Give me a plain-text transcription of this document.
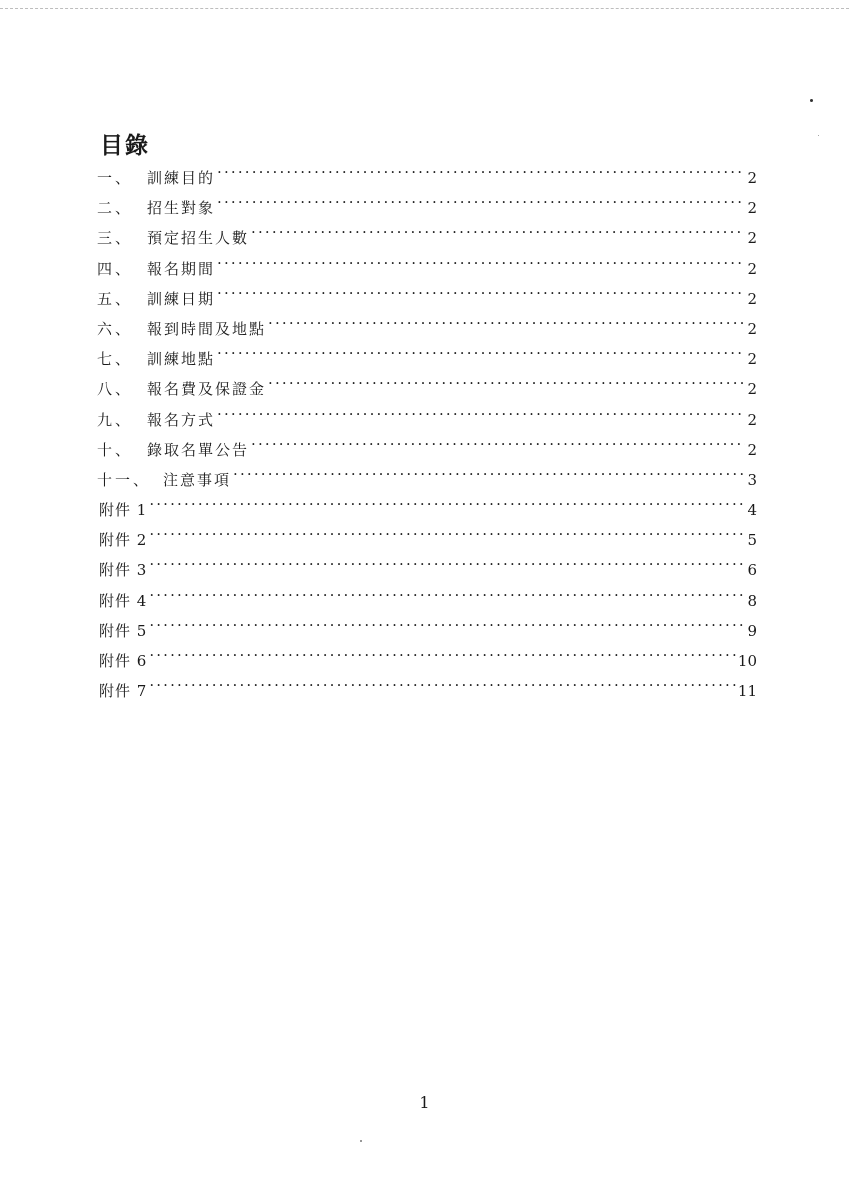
目錄
一、 訓練目的 . . .	2
二、 招生對象 . . .	2
三、 預定招生人數 . . .	2
四、 報名期間 . . .	2
五、 訓練日期 . . .	2
六、 報到時間及地點 . . .	2
七、 訓練地點 . . .	2
八、 報名費及保證金 . . .	2
九、 報名方式 . . .	2
十、 錄取名單公告 . . .	2
十一、 注意事項 . . .	3
附件 1 . . .	4
附件 2 . . .	5
附件 3 . . .	6
附件 4 . . .	8
附件 5 . . .	9
附件 6 . . .	10
附件 7 . . .	11
1
